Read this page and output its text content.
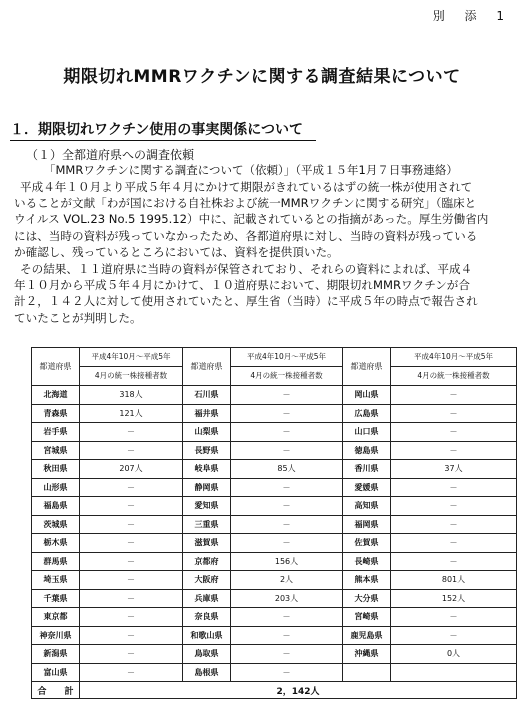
別 添 1
期限切れMMRワクチンに関する調査結果について
１．期限切れワクチン使用の事実関係について
（１）全都道府県への調査依頼
「MMRワクチンに関する調査について（依頼）」（平成１５年1月７日事務連絡）
平成４年１０月より平成５年４月にかけて期限がきれているはずの統一株が使用されて
いることが文献「わが国における自社株および統一MMRワクチンに関する研究」（臨床と
ウイルス VOL.23 No.5 1995.12）中に、記載されているとの指摘があった。厚生労働省内
には、当時の資料が残っていなかったため、各都道府県に対し、当時の資料が残っている
か確認し、残っているところにおいては、資料を提供頂いた。
その結果、１１道府県に当時の資料が保管されており、それらの資料によれば、平成４
年１０月から平成５年４月にかけて、１０道府県において、期限切れMMRワクチンが合
計２，１４２人に対して使用されていたと、厚生省（当時）に平成５年の時点で報告され
ていたことが判明した。
都道府県	平成4年10月～平成5年	都道府県	平成4年10月～平成5年	都道府県	平成4年10月～平成5年
	4月の統一株接種者数		4月の統一株接種者数		4月の統一株接種者数
北海道	318人	石川県	－	岡山県	－
青森県	121人	福井県	－	広島県	－
岩手県	－	山梨県	－	山口県	－
宮城県	－	長野県	－	徳島県	－
秋田県	207人	岐阜県	85人	香川県	37人
山形県	－	静岡県	－	愛媛県	－
福島県	－	愛知県	－	高知県	－
茨城県	－	三重県	－	福岡県	－
栃木県	－	滋賀県	－	佐賀県	－
群馬県	－	京都府	156人	長崎県	－
埼玉県	－	大阪府	2人	熊本県	801人
千葉県	－	兵庫県	203人	大分県	152人
東京都	－	奈良県	－	宮崎県	－
神奈川県	－	和歌山県	－	鹿児島県	－
新潟県	－	鳥取県	－	沖縄県	0人
富山県	－	島根県	－		
合　　計	2，142人				
